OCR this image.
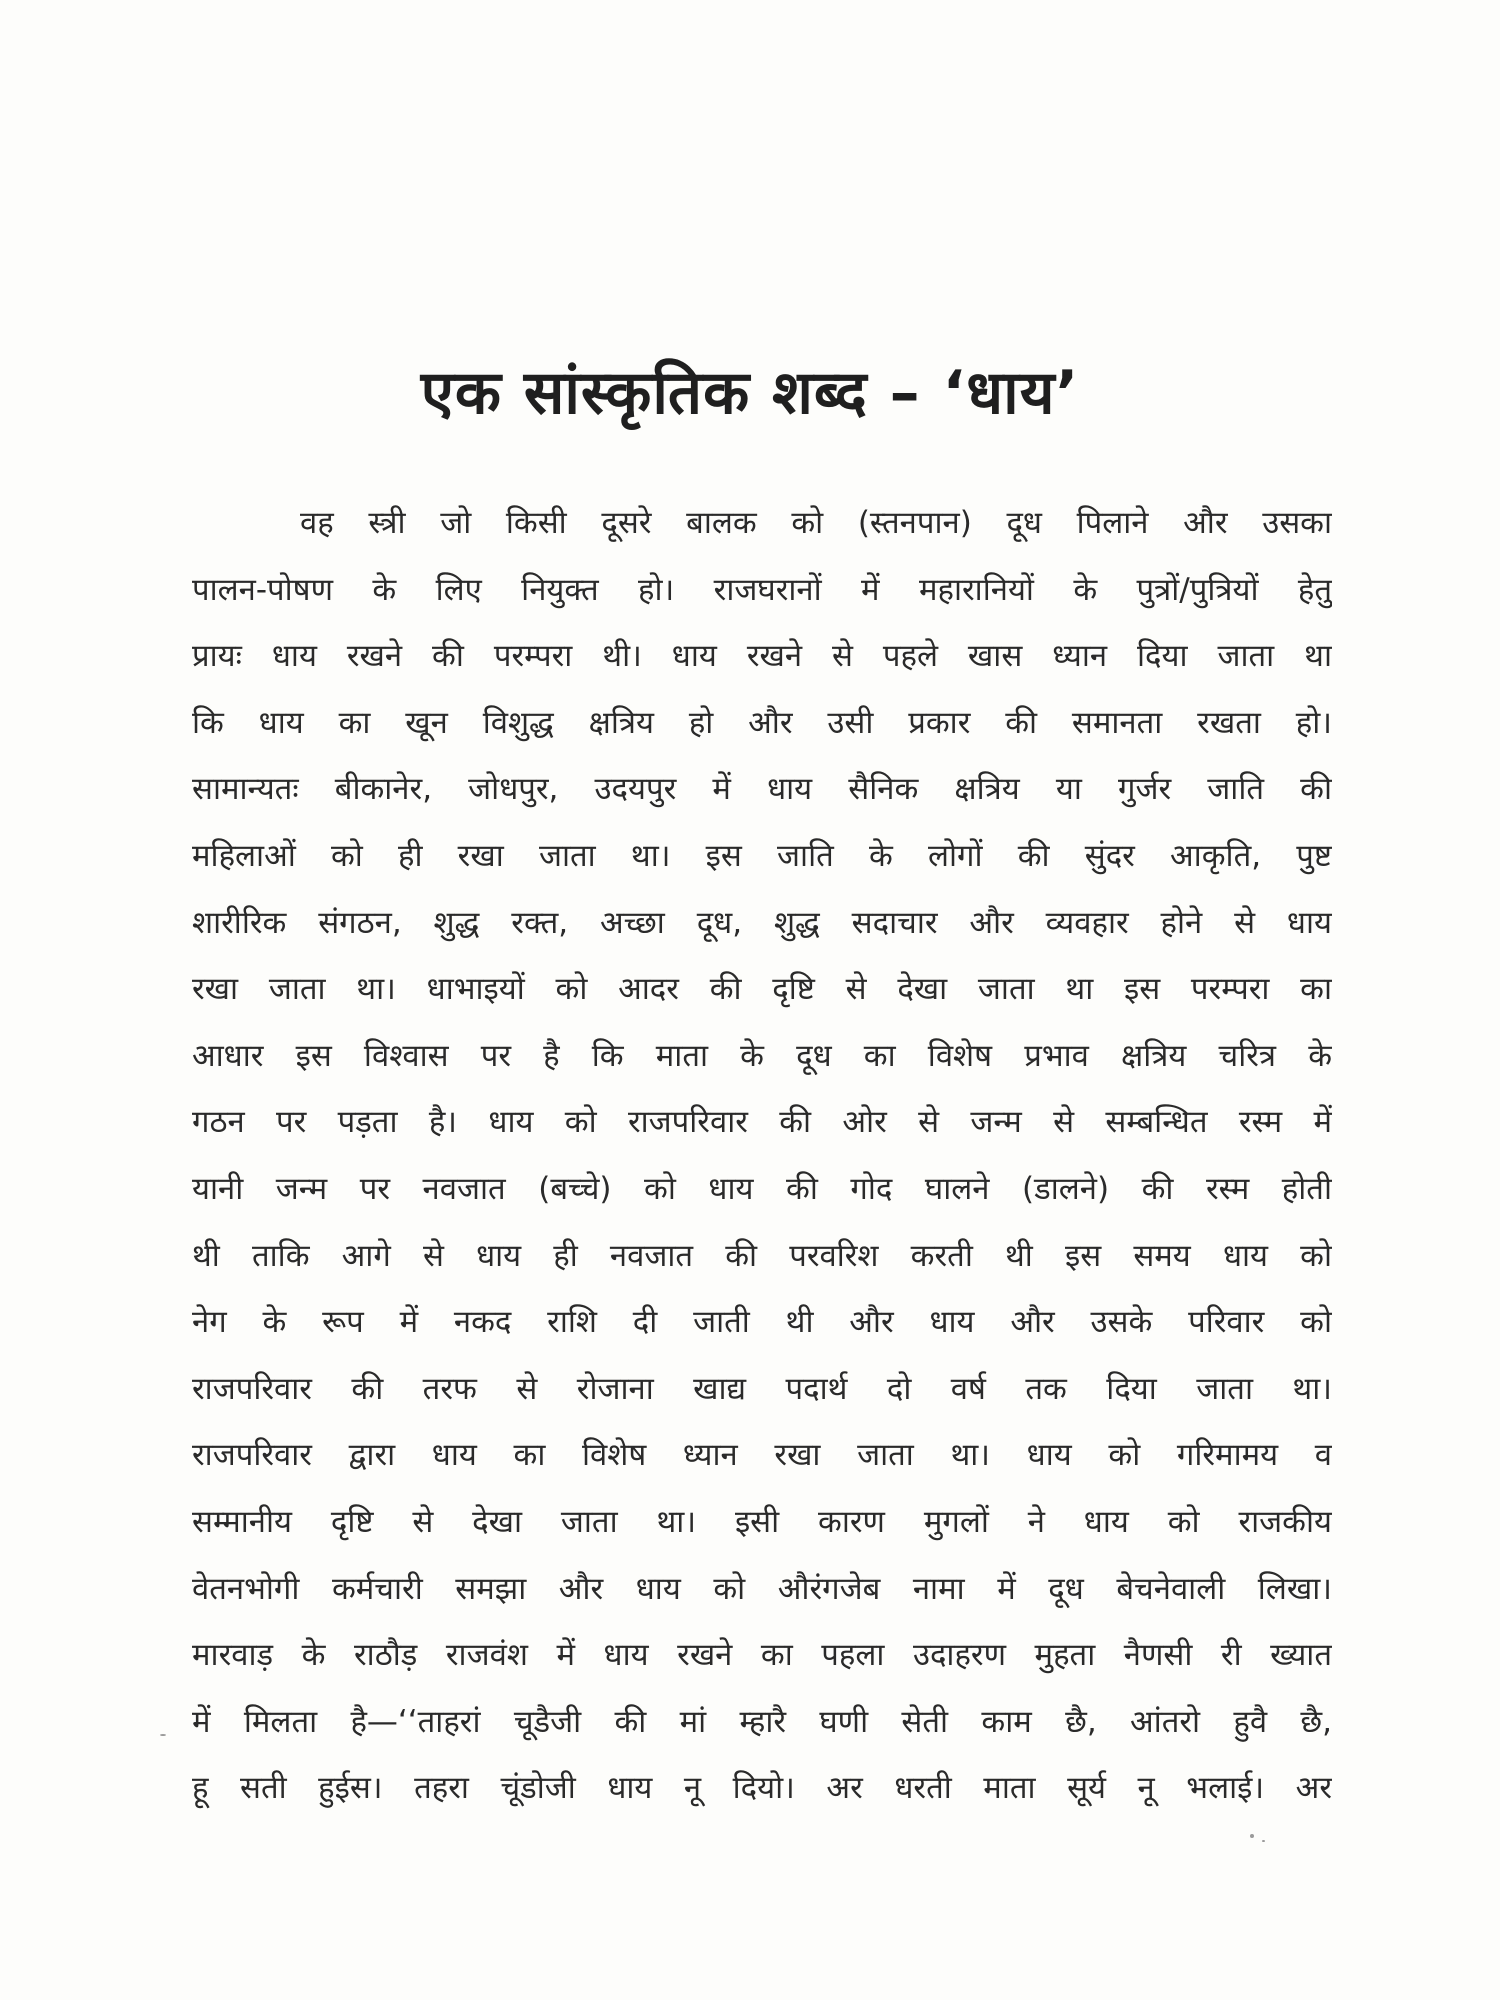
एक सांस्कृतिक शब्द – ‘धाय’
वह स्त्री जो किसी दूसरे बालक को (स्तनपान) दूध पिलाने और उसका
पालन-पोषण के लिए नियुक्त हो। राजघरानों में महारानियों के पुत्रों/पुत्रियों हेतु
प्रायः धाय रखने की परम्परा थी। धाय रखने से पहले खास ध्यान दिया जाता था
कि धाय का खून विशुद्ध क्षत्रिय हो और उसी प्रकार की समानता रखता हो।
सामान्यतः बीकानेर, जोधपुर, उदयपुर में धाय सैनिक क्षत्रिय या गुर्जर जाति की
महिलाओं को ही रखा जाता था। इस जाति के लोगों की सुंदर आकृति, पुष्ट
शारीरिक संगठन, शुद्ध रक्त, अच्छा दूध, शुद्ध सदाचार और व्यवहार होने से धाय
रखा जाता था। धाभाइयों को आदर की दृष्टि से देखा जाता था इस परम्परा का
आधार इस विश्वास पर है कि माता के दूध का विशेष प्रभाव क्षत्रिय चरित्र के
गठन पर पड़ता है। धाय को राजपरिवार की ओर से जन्म से सम्बन्धित रस्म में
यानी जन्म पर नवजात (बच्चे) को धाय की गोद घालने (डालने) की रस्म होती
थी ताकि आगे से धाय ही नवजात की परवरिश करती थी इस समय धाय को
नेग के रूप में नकद राशि दी जाती थी और धाय और उसके परिवार को
राजपरिवार की तरफ से रोजाना खाद्य पदार्थ दो वर्ष तक दिया जाता था।
राजपरिवार द्वारा धाय का विशेष ध्यान रखा जाता था। धाय को गरिमामय व
सम्मानीय दृष्टि से देखा जाता था। इसी कारण मुगलों ने धाय को राजकीय
वेतनभोगी कर्मचारी समझा और धाय को औरंगजेब नामा में दूध बेचनेवाली लिखा।
मारवाड़ के राठौड़ राजवंश में धाय रखने का पहला उदाहरण मुहता नैणसी री ख्यात
में मिलता है—‘‘ताहरां चूडैजी की मां म्हारै घणी सेती काम छै, आंतरो हुवै छै,
हू सती हुईस। तहरा चूंडोजी धाय नू दियो। अर धरती माता सूर्य नू भलाई। अर
